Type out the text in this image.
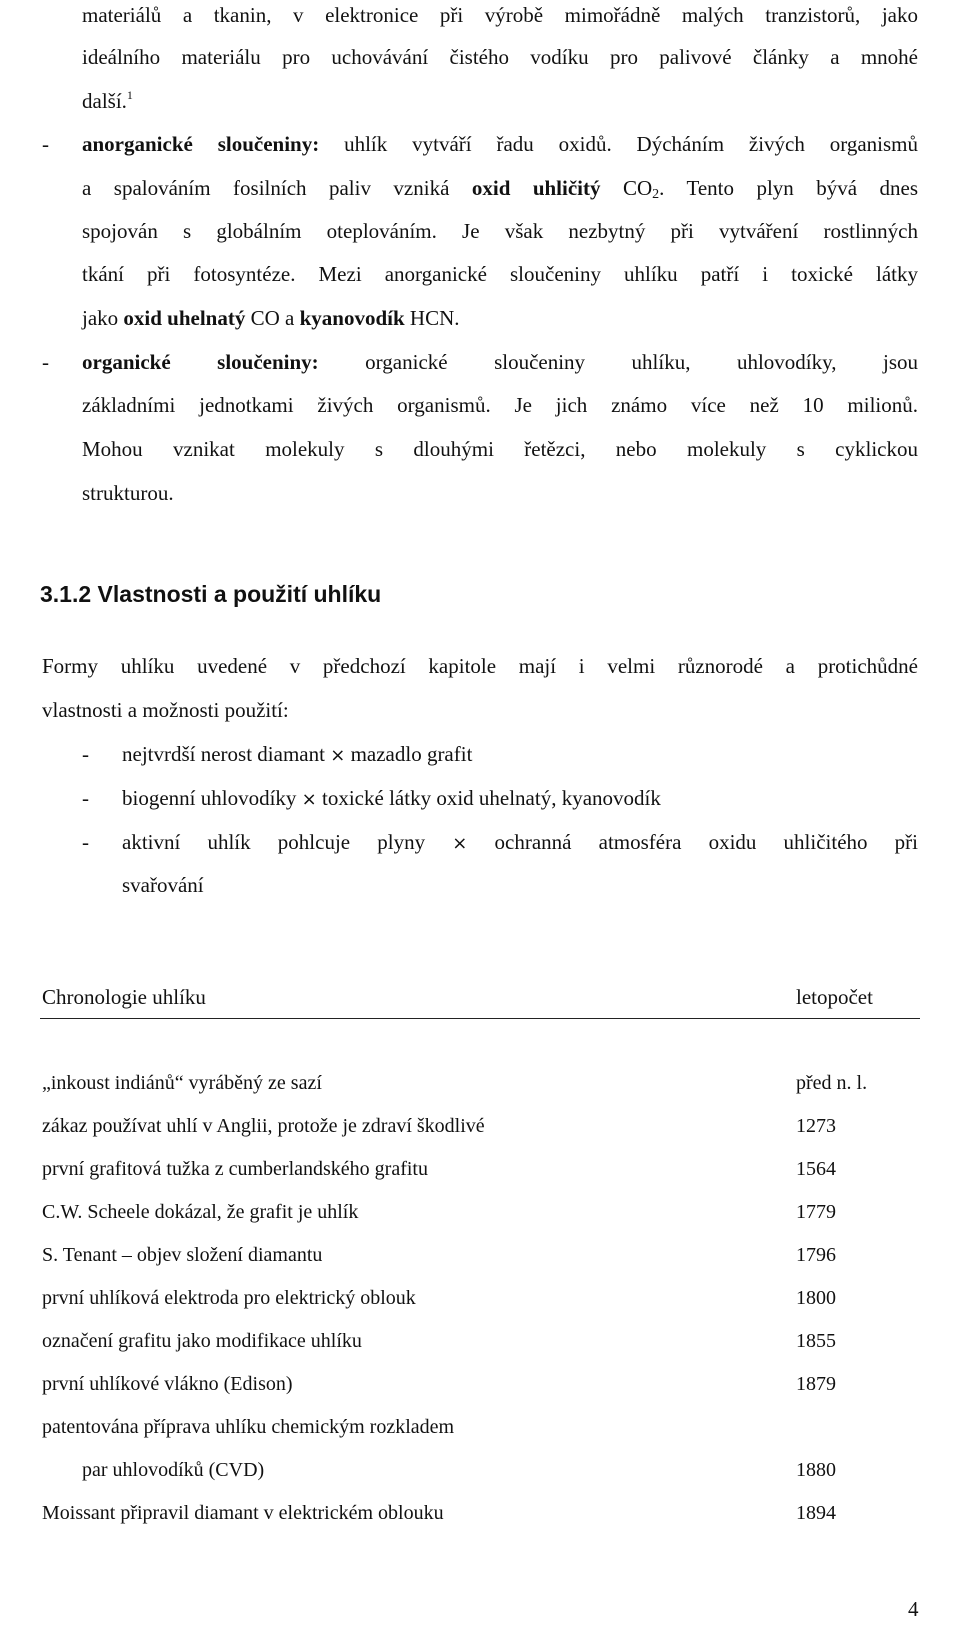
materiálů a tkanin, v elektronice při výrobě mimořádně malých tranzistorů, jako
ideálního materiálu pro uchovávání čistého vodíku pro palivové články a mnohé
další.$^1$
- anorganické sloučeniny: uhlík vytváří řadu oxidů. Dýcháním živých organismů
a spalováním fosilních paliv vzniká oxid uhličitý $CO_2$. Tento plyn bývá dnes
spojován s globálním oteplováním. Je však nezbytný při vytváření rostlinných
tkání při fotosyntéze. Mezi anorganické sloučeniny uhlíku patří i toxické látky
jako oxid uhelnatý CO a kyanovodík HCN.
- organické sloučeniny: organické sloučeniny uhlíku, uhlovodíky, jsou
základními jednotkami živých organismů. Je jich známo více než 10 milionů.
Mohou vznikat molekuly s dlouhými řetězci, nebo molekuly s cyklickou
strukturou.
3.1.2 Vlastnosti a použití uhlíku
Formy uhlíku uvedené v předchozí kapitole mají i velmi různorodé a protichůdné
vlastnosti a možnosti použití:
- nejtvrdší nerost diamant × mazadlo grafit
- biogenní uhlovodíky × toxické látky oxid uhelnatý, kyanovodík
- aktivní uhlík pohlcuje plyny × ochranná atmosféra oxidu uhličitého při
svařování
Chronologie uhlíku	letopočet
„inkoust indiánů“ vyráběný ze sazí	před n. l.
zákaz používat uhlí v Anglii, protože je zdraví škodlivé	1273
první grafitová tužka z cumberlandského grafitu	1564
C.W. Scheele dokázal, že grafit je uhlík	1779
S. Tenant – objev složení diamantu	1796
první uhlíková elektroda pro elektrický oblouk	1800
označení grafitu jako modifikace uhlíku	1855
první uhlíkové vlákno (Edison)	1879
patentována příprava uhlíku chemickým rozkladem
par uhlovodíků (CVD)	1880
Moissant připravil diamant v elektrickém oblouku	1894
4
